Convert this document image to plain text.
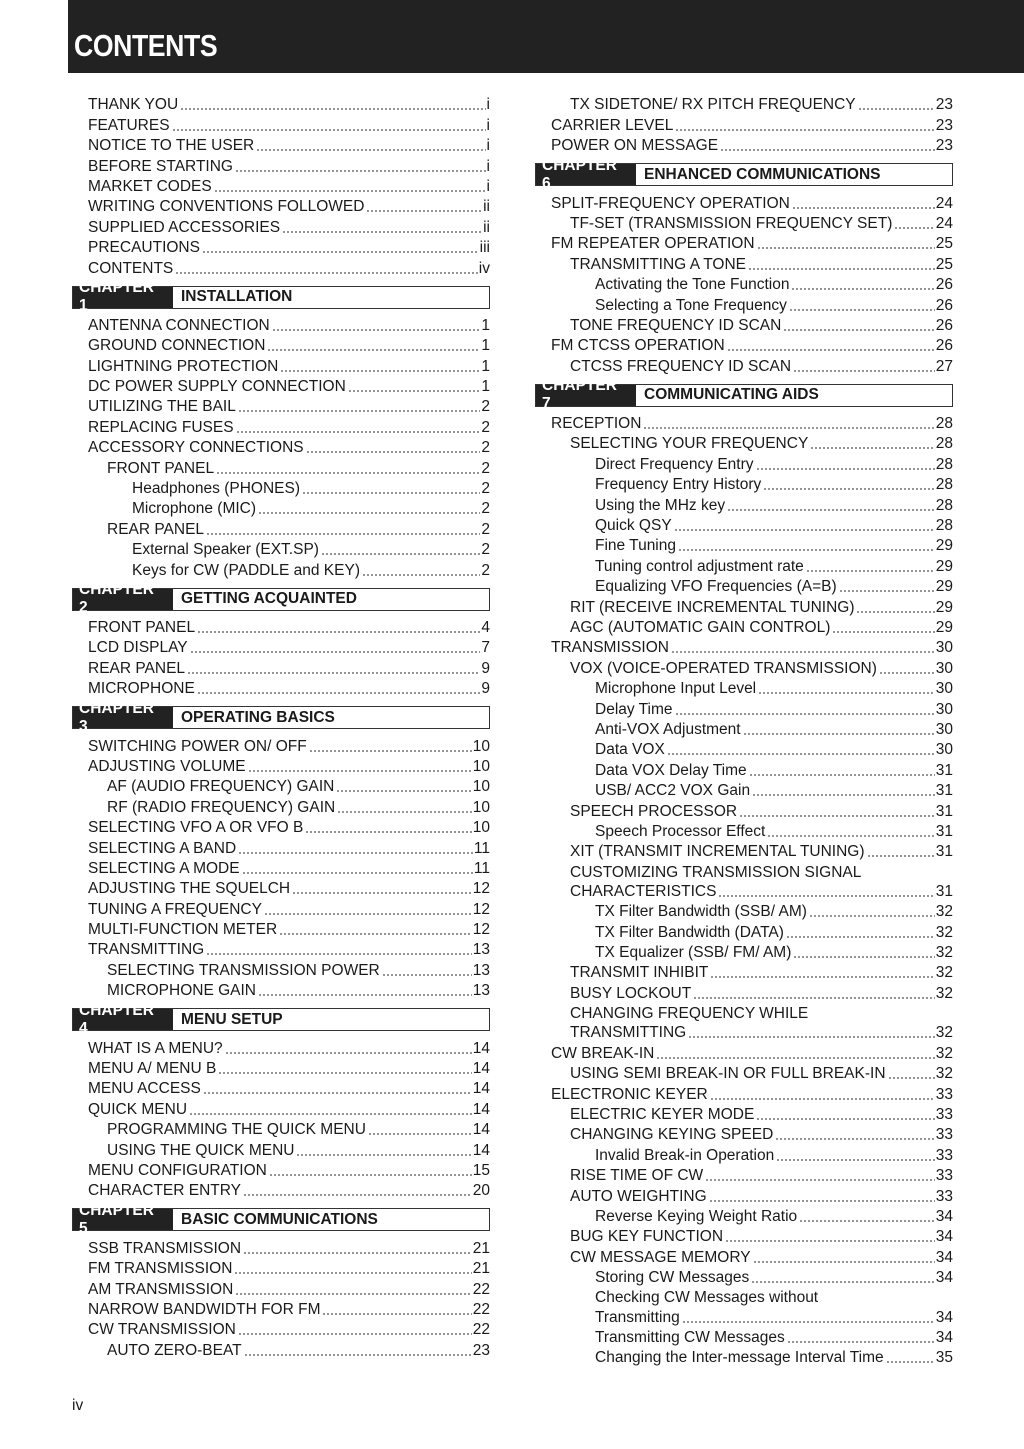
CONTENTS
THANK YOU	i
FEATURES	i
NOTICE TO THE USER	i
BEFORE STARTING	i
MARKET CODES	i
WRITING CONVENTIONS FOLLOWED	ii
SUPPLIED ACCESSORIES	ii
PRECAUTIONS	iii
CONTENTS	iv
CHAPTER 1
INSTALLATION
ANTENNA CONNECTION	1
GROUND CONNECTION	1
LIGHTNING PROTECTION	1
DC POWER SUPPLY CONNECTION	1
UTILIZING THE BAIL	2
REPLACING FUSES	2
ACCESSORY CONNECTIONS	2
FRONT PANEL	2
Headphones (PHONES)	2
Microphone (MIC)	2
REAR PANEL	2
External Speaker (EXT.SP)	2
Keys for CW (PADDLE and KEY)	2
CHAPTER 2
GETTING ACQUAINTED
FRONT PANEL	4
LCD DISPLAY	7
REAR PANEL	9
MICROPHONE	9
CHAPTER 3
OPERATING BASICS
SWITCHING POWER ON/ OFF	10
ADJUSTING VOLUME	10
AF (AUDIO FREQUENCY) GAIN	10
RF (RADIO FREQUENCY) GAIN	10
SELECTING VFO A OR VFO B	10
SELECTING A BAND	11
SELECTING A MODE	11
ADJUSTING THE SQUELCH	12
TUNING A FREQUENCY	12
MULTI-FUNCTION METER	12
TRANSMITTING	13
SELECTING TRANSMISSION POWER	13
MICROPHONE GAIN	13
CHAPTER 4
MENU SETUP
WHAT IS A MENU?	14
MENU A/ MENU B	14
MENU ACCESS	14
QUICK MENU	14
PROGRAMMING THE QUICK MENU	14
USING THE QUICK MENU	14
MENU CONFIGURATION	15
CHARACTER ENTRY	20
CHAPTER 5
BASIC COMMUNICATIONS
SSB TRANSMISSION	21
FM TRANSMISSION	21
AM TRANSMISSION	22
NARROW BANDWIDTH FOR FM	22
CW TRANSMISSION	22
AUTO ZERO-BEAT	23
TX SIDETONE/ RX PITCH FREQUENCY	23
CARRIER LEVEL	23
POWER ON MESSAGE	23
CHAPTER 6
ENHANCED COMMUNICATIONS
SPLIT-FREQUENCY OPERATION	24
TF-SET (TRANSMISSION FREQUENCY SET)	24
FM REPEATER OPERATION	25
TRANSMITTING A TONE	25
Activating the Tone Function	26
Selecting a Tone Frequency	26
TONE FREQUENCY ID SCAN	26
FM CTCSS OPERATION	26
CTCSS FREQUENCY ID SCAN	27
CHAPTER 7
COMMUNICATING AIDS
RECEPTION	28
SELECTING YOUR FREQUENCY	28
Direct Frequency Entry	28
Frequency Entry History	28
Using the MHz key	28
Quick QSY	28
Fine Tuning	29
Tuning control adjustment rate	29
Equalizing VFO Frequencies (A=B)	29
RIT (RECEIVE INCREMENTAL TUNING)	29
AGC (AUTOMATIC GAIN CONTROL)	29
TRANSMISSION	30
VOX (VOICE-OPERATED TRANSMISSION)	30
Microphone Input Level	30
Delay Time	30
Anti-VOX Adjustment	30
Data VOX	30
Data VOX Delay Time	31
USB/ ACC2 VOX Gain	31
SPEECH PROCESSOR	31
Speech Processor Effect	31
XIT (TRANSMIT INCREMENTAL TUNING)	31
CUSTOMIZING TRANSMISSION SIGNAL
CHARACTERISTICS	31
TX Filter Bandwidth (SSB/ AM)	32
TX Filter Bandwidth (DATA)	32
TX Equalizer (SSB/ FM/ AM)	32
TRANSMIT INHIBIT	32
BUSY LOCKOUT	32
CHANGING FREQUENCY WHILE
TRANSMITTING	32
CW BREAK-IN	32
USING SEMI BREAK-IN OR FULL BREAK-IN	32
ELECTRONIC KEYER	33
ELECTRIC KEYER MODE	33
CHANGING KEYING SPEED	33
Invalid Break-in Operation	33
RISE TIME OF CW	33
AUTO WEIGHTING	33
Reverse Keying Weight Ratio	34
BUG KEY FUNCTION	34
CW MESSAGE MEMORY	34
Storing CW Messages	34
Checking CW Messages without
Transmitting	34
Transmitting CW Messages	34
Changing the Inter-message Interval Time	35
iv
